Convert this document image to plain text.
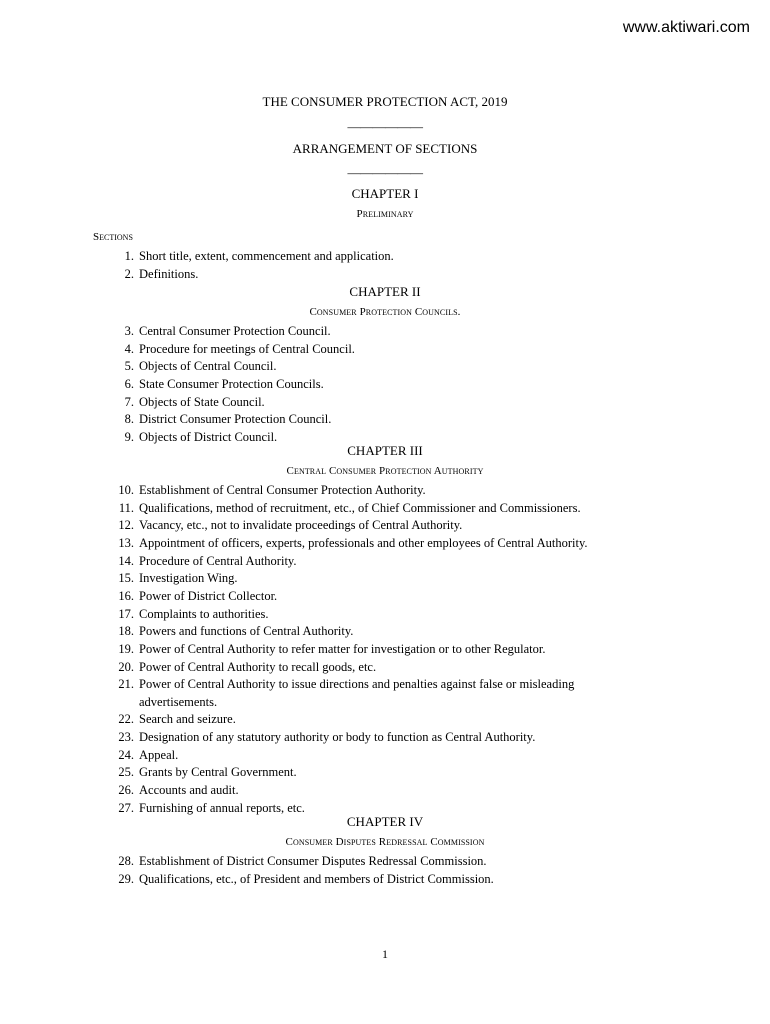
www.aktiwari.com
THE CONSUMER PROTECTION ACT, 2019
——————
ARRANGEMENT OF SECTIONS
——————
CHAPTER I
Preliminary
Sections
1. Short title, extent, commencement and application.
2. Definitions.
CHAPTER II
Consumer Protection Councils.
3. Central Consumer Protection Council.
4. Procedure for meetings of Central Council.
5. Objects of Central Council.
6. State Consumer Protection Councils.
7. Objects of State Council.
8. District Consumer Protection Council.
9. Objects of District Council.
CHAPTER III
Central Consumer Protection Authority
10. Establishment of Central Consumer Protection Authority.
11. Qualifications, method of recruitment, etc., of Chief Commissioner and Commissioners.
12. Vacancy, etc., not to invalidate proceedings of Central Authority.
13. Appointment of officers, experts, professionals and other employees of Central Authority.
14. Procedure of Central Authority.
15. Investigation Wing.
16. Power of District Collector.
17. Complaints to authorities.
18. Powers and functions of Central Authority.
19. Power of Central Authority to refer matter for investigation or to other Regulator.
20. Power of Central Authority to recall goods, etc.
21. Power of Central Authority to issue directions and penalties against false or misleading
advertisements.
22. Search and seizure.
23. Designation of any statutory authority or body to function as Central Authority.
24. Appeal.
25. Grants by Central Government.
26. Accounts and audit.
27. Furnishing of annual reports, etc.
CHAPTER IV
Consumer Disputes Redressal Commission
28. Establishment of District Consumer Disputes Redressal Commission.
29. Qualifications, etc., of President and members of District Commission.
1
